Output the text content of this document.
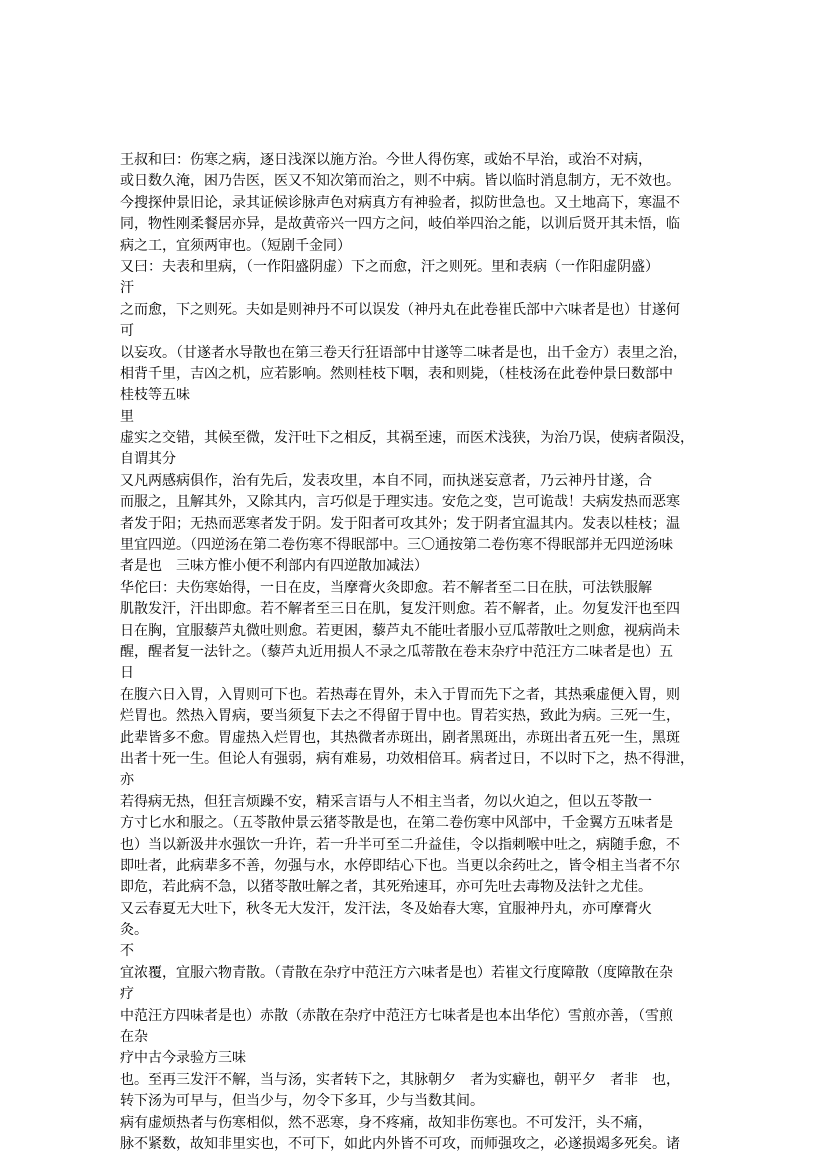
王叔和曰：伤寒之病，逐日浅深以施方治。今世人得伤寒，或始不早治，或治不对病，
或日数久淹，困乃告医，医又不知次第而治之，则不中病。皆以临时消息制方，无不效也。
今搜探仲景旧论，录其证候诊脉声色对病真方有神验者，拟防世急也。又土地高下，寒温不
同，物性刚柔餐居亦异，是故黄帝兴一四方之问，岐伯举四治之能，以训后贤开其未悟，临
病之工，宜须两审也。（短剧千金同）
又曰：夫表和里病，（一作阳盛阴虚）下之而愈，汗之则死。里和表病（一作阳虚阴盛）
汗
之而愈，下之则死。夫如是则神丹不可以误发（神丹丸在此卷崔氏部中六味者是也）甘遂何
可
以妄攻。（甘遂者水导散也在第三卷天行狂语部中甘遂等二味者是也，出千金方）表里之治，
相背千里，吉凶之机，应若影响。然则桂枝下咽，表和则毙，（桂枝汤在此卷仲景曰数部中
桂枝等五味
里
虚实之交错，其候至微，发汗吐下之相反，其祸至速，而医术浅狭，为治乃误，使病者陨没，
自谓其分
又凡两感病俱作，治有先后，发表攻里，本自不同，而执迷妄意者，乃云神丹甘遂，合
而服之，且解其外，又除其内，言巧似是于理实违。安危之变，岂可诡哉！夫病发热而恶寒
者发于阳；无热而恶寒者发于阴。发于阳者可攻其外；发于阴者宜温其内。发表以桂枝；温
里宜四逆。（四逆汤在第二卷伤寒不得眠部中。三〇通按第二卷伤寒不得眠部并无四逆汤味
者是也　三味方惟小便不利部内有四逆散加减法）
华佗曰：夫伤寒始得，一日在皮，当摩膏火灸即愈。若不解者至二日在肤，可法铁服解
肌散发汗，汗出即愈。若不解者至三日在肌，复发汗则愈。若不解者，止。勿复发汗也至四
日在胸，宜服藜芦丸微吐则愈。若更困，藜芦丸不能吐者服小豆瓜蒂散吐之则愈，视病尚未
醒，醒者复一法针之。（藜芦丸近用损人不录之瓜蒂散在卷末杂疗中范汪方二味者是也）五
日
在腹六日入胃，入胃则可下也。若热毒在胃外，未入于胃而先下之者，其热乘虚便入胃，则
烂胃也。然热入胃病，要当须复下去之不得留于胃中也。胃若实热，致此为病。三死一生，
此辈皆多不愈。胃虚热入烂胃也，其热微者赤斑出，剧者黑斑出，赤斑出者五死一生，黑斑
出者十死一生。但论人有强弱，病有难易，功效相倍耳。病者过日，不以时下之，热不得泄，
亦
若得病无热，但狂言烦躁不安，精采言语与人不相主当者，勿以火迫之，但以五苓散一
方寸匕水和服之。（五苓散仲景云猪苓散是也，在第二卷伤寒中风部中，千金翼方五味者是
也）当以新汲井水强饮一升许，若一升半可至二升益佳，令以指刺喉中吐之，病随手愈，不
即吐者，此病辈多不善，勿强与水，水停即结心下也。当更以余药吐之，皆令相主当者不尔
即危，若此病不急，以猪苓散吐解之者，其死殆速耳，亦可先吐去毒物及法针之尤佳。
又云春夏无大吐下，秋冬无大发汗，发汗法，冬及始春大寒，宜服神丹丸，亦可摩膏火
灸。
不
宜浓覆，宜服六物青散。（青散在杂疗中范汪方六味者是也）若崔文行度障散（度障散在杂
疗
中范汪方四味者是也）赤散（赤散在杂疗中范汪方七味者是也本出华佗）雪煎亦善，（雪煎
在杂
疗中古今录验方三味
也。至再三发汗不解，当与汤，实者转下之，其脉朝夕　者为实癖也，朝平夕　者非　也，
转下汤为可早与，但当少与，勿令下多耳，少与当数其间。
病有虚烦热者与伤寒相似，然不恶寒，身不疼痛，故知非伤寒也。不可发汗，头不痛，
脉不紧数，故知非里实也，不可下，如此内外皆不可攻，而师强攻之，必遂损竭多死矣。诸
